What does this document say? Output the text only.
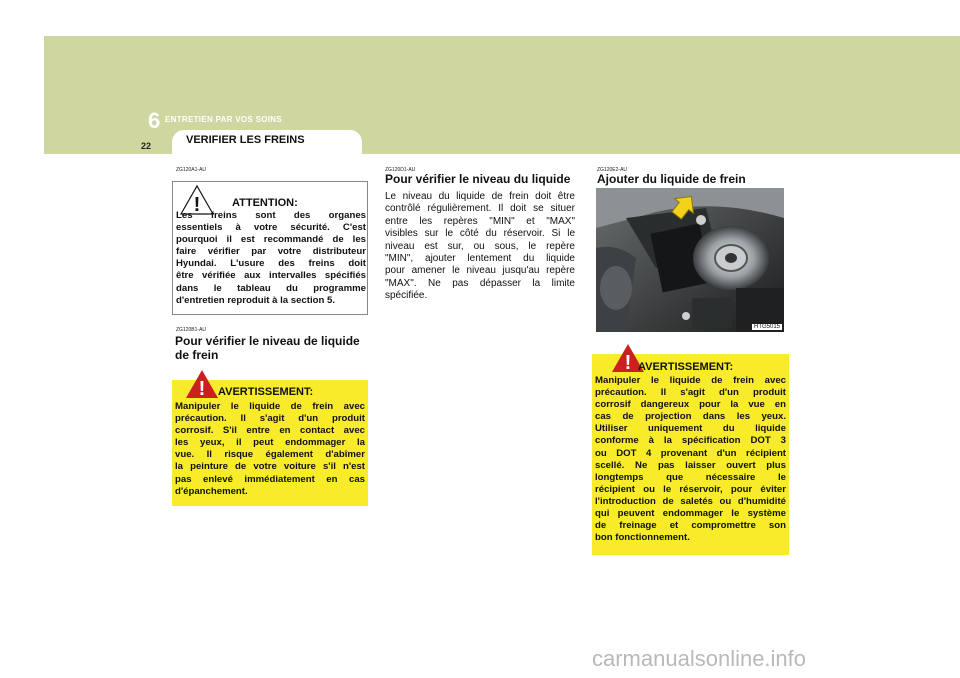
6 ENTRETIEN PAR VOS SOINS
22	VERIFIER LES FREINS
ZG120A1-AU
!	ATTENTION:
Les freins sont des organes
essentiels à votre sécurité. C'est
pourquoi il est recommandé de les
faire vérifier par votre distributeur
Hyundai. L'usure des freins doit
être vérifiée aux intervalles spécifiés
dans le tableau du programme
d'entretien reproduit à la section 5.
ZG120B1-AU
Pour vérifier le niveau de liquide
de frein
! AVERTISSEMENT:
Manipuler le liquide de frein avec
précaution. Il s'agit d'un produit
corrosif. S'il entre en contact avec
les yeux, il peut endommager la
vue. Il risque également d'abîmer
la peinture de votre voiture s'il n'est
pas enlevé immédiatement en cas
d'épanchement.
ZG120D1-AU
Pour vérifier le niveau du liquide
Le niveau du liquide de frein doit être
contrôlé régulièrement. Il doit se situer
entre les repères "MIN" et "MAX"
visibles sur le côté du réservoir. Si le
niveau est sur, ou sous, le repère
"MIN", ajouter lentement du liquide
pour amener le niveau jusqu'au repère
"MAX". Ne pas dépasser la limite
spécifiée.
ZG120E2-AU
Ajouter du liquide de frein
HTG5015
! AVERTISSEMENT:
Manipuler le liquide de frein avec
précaution. Il s'agit d'un produit
corrosif dangereux pour la vue en
cas de projection dans les yeux.
Utiliser uniquement du liquide
conforme à la spécification DOT 3
ou DOT 4 provenant d'un récipient
scellé. Ne pas laisser ouvert plus
longtemps que nécessaire le
récipient ou le réservoir, pour éviter
l'introduction de saletés ou d'humidité
qui peuvent endommager le système
de freinage et compromettre son
bon fonctionnement.
carmanualsonline.info
